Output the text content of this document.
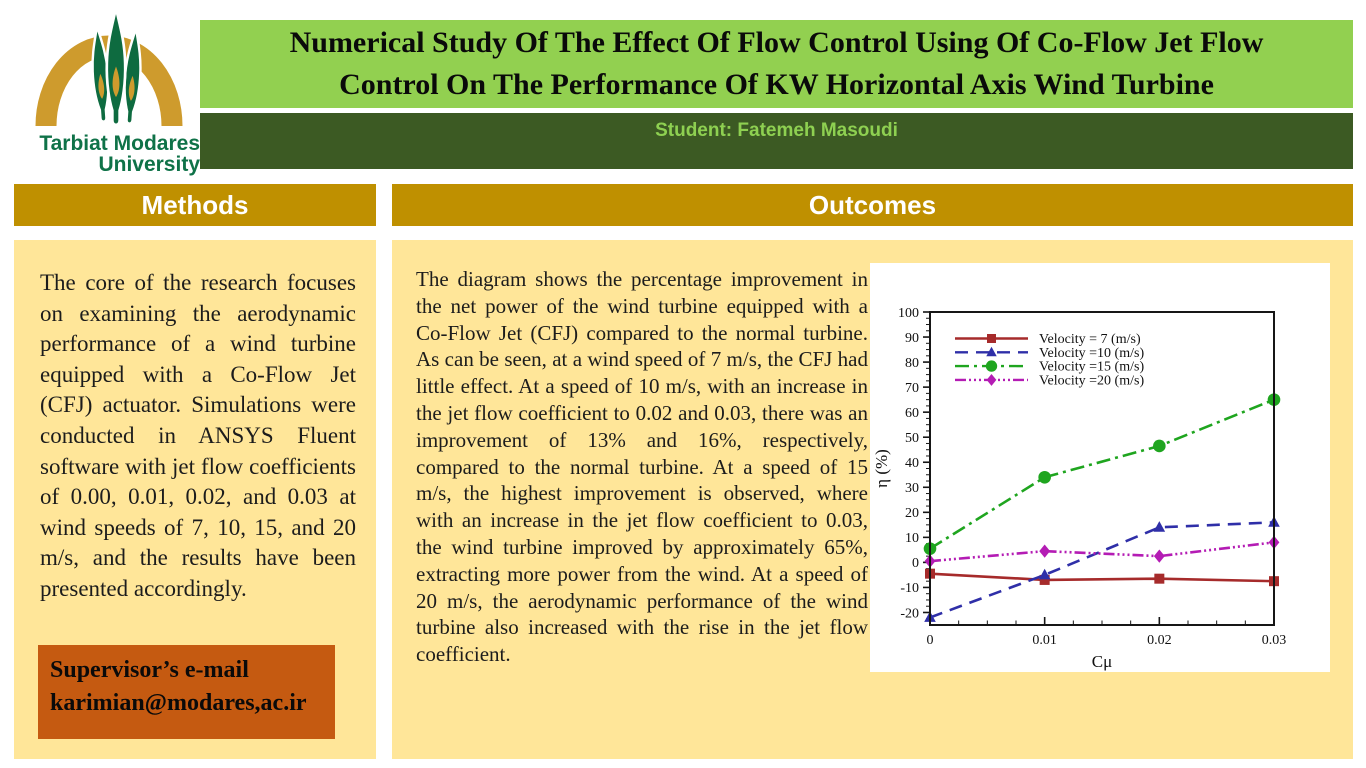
Tarbiat Modares
University
Numerical Study Of The Effect Of Flow Control Using Of Co-Flow Jet Flow
Control On The Performance Of KW Horizontal Axis Wind Turbine
Student: Fatemeh Masoudi
Methods	Outcomes

The core of the research focuses on examining the aerodynamic performance of a wind turbine equipped with a Co-Flow Jet (CFJ) actuator. Simulations were conducted in ANSYS Fluent software with jet flow coefficients of 0.00, 0.01, 0.02, and 0.03 at wind speeds of 7, 10, 15, and 20 m/s, and the results have been presented accordingly.

Supervisor’s e-mail
karimian@modares,ac.ir

The diagram shows the percentage improvement in the net power of the wind turbine equipped with a Co-Flow Jet (CFJ) compared to the normal turbine. As can be seen, at a wind speed of 7 m/s, the CFJ had little effect. At a speed of 10 m/s, with an increase in the jet flow coefficient to 0.02 and 0.03, there was an improvement of 13% and 16%, respectively, compared to the normal turbine. At a speed of 15 m/s, the highest improvement is observed, where with an increase in the jet flow coefficient to 0.03, the wind turbine improved by approximately 65%, extracting more power from the wind. At a speed of 20 m/s, the aerodynamic performance of the wind turbine also increased with the rise in the jet flow coefficient.

-20
-10
0
10
20
30
40
50
60
70
80
90
100
0	0.01	0.02	0.03
η (%)
Cμ
Velocity = 7 (m/s)
Velocity =10 (m/s)
Velocity =15 (m/s)
Velocity =20 (m/s)
